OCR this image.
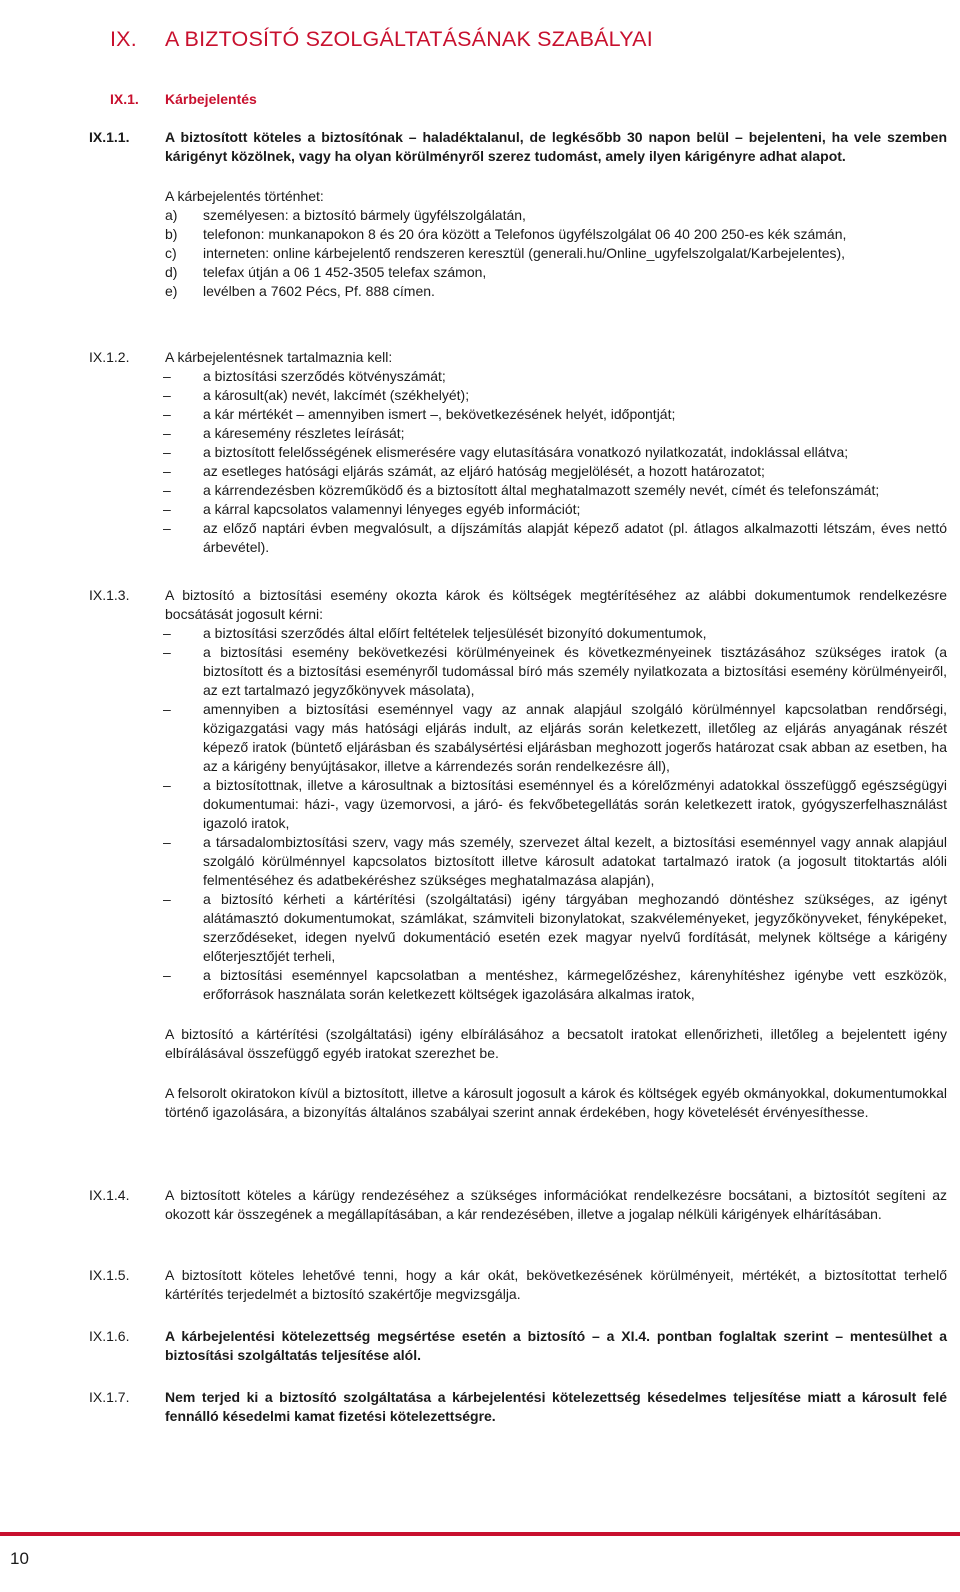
IX. A BIZTOSÍTÓ SZOLGÁLTATÁSÁNAK SZABÁLYAI
IX.1. Kárbejelentés
IX.1.1.	A biztosított köteles a biztosítónak – haladéktalanul, de legkésőbb 30 napon belül – bejelenteni, ha vele szemben kárigényt közölnek, vagy ha olyan körülményről szerez tudomást, amely ilyen kárigényre adhat alapot.

A kárbejelentés történhet:

a) személyesen: a biztosító bármely ügyfélszolgálatán,
b) telefonon: munkanapokon 8 és 20 óra között a Telefonos ügyfélszolgálat 06 40 200 250-es kék számán,
c) interneten: online kárbejelentő rendszeren keresztül (generali.hu/Online_ugyfelszolgalat/Karbejelentes),
d) telefax útján a 06 1 452-3505 telefax számon,
e) levélben a 7602 Pécs, Pf. 888 címen.
IX.1.2.	A kárbejelentésnek tartalmaznia kell:

– a biztosítási szerződés kötvényszámát;
– a károsult(ak) nevét, lakcímét (székhelyét);
– a kár mértékét – amennyiben ismert –, bekövetkezésének helyét, időpontját;
– a káresemény részletes leírását;
– a biztosított felelősségének elismerésére vagy elutasítására vonatkozó nyilatkozatát, indoklással ellátva;
– az esetleges hatósági eljárás számát, az eljáró hatóság megjelölését, a hozott határozatot;
– a kárrendezésben közreműködő és a biztosított által meghatalmazott személy nevét, címét és telefonszámát;
– a kárral kapcsolatos valamennyi lényeges egyéb információt;
– az előző naptári évben megvalósult, a díjszámítás alapját képező adatot (pl. átlagos alkalmazotti létszám, éves nettó árbevétel).
IX.1.3.	A biztosító a biztosítási esemény okozta károk és költségek megtérítéséhez az alábbi dokumentumok rendelkezésre bocsátását jogosult kérni:

– a biztosítási szerződés által előírt feltételek teljesülését bizonyító dokumentumok,
– a biztosítási esemény bekövetkezési körülményeinek és következményeinek tisztázásához szükséges iratok (a biztosított és a biztosítási eseményről tudomással bíró más személy nyilatkozata a biztosítási esemény körülményeiről, az ezt tartalmazó jegyzőkönyvek másolata),
– amennyiben a biztosítási eseménnyel vagy az annak alapjául szolgáló körülménnyel kapcsolatban rendőrségi, közigazgatási vagy más hatósági eljárás indult, az eljárás során keletkezett, illetőleg az eljárás anyagának részét képező iratok (büntető eljárásban és szabálysértési eljárásban meghozott jogerős határozat csak abban az esetben, ha az a kárigény benyújtásakor, illetve a kárrendezés során rendelkezésre áll),
– a biztosítottnak, illetve a károsultnak a biztosítási eseménnyel és a kórelőzményi adatokkal összefüggő egészségügyi dokumentumai: házi-, vagy üzemorvosi, a járó- és fekvőbetegellátás során keletkezett iratok, gyógyszerfelhasználást igazoló iratok,
– a társadalombiztosítási szerv, vagy más személy, szervezet által kezelt, a biztosítási eseménnyel vagy annak alapjául szolgáló körülménnyel kapcsolatos biztosított illetve károsult adatokat tartalmazó iratok (a jogosult titoktartás alóli felmentéséhez és adatbekéréshez szükséges meghatalmazása alapján),
– a biztosító kérheti a kártérítési (szolgáltatási) igény tárgyában meghozandó döntéshez szükséges, az igényt alátámasztó dokumentumokat, számlákat, számviteli bizonylatokat, szakvéleményeket, jegyzőkönyveket, fényképeket, szerződéseket, idegen nyelvű dokumentáció esetén ezek magyar nyelvű fordítását, melynek költsége a kárigény előterjesztőjét terheli,
– a biztosítási eseménnyel kapcsolatban a mentéshez, kármegelőzéshez, kárenyhítéshez igénybe vett eszközök, erőforrások használata során keletkezett költségek igazolására alkalmas iratok,

A biztosító a kártérítési (szolgáltatási) igény elbírálásához a becsatolt iratokat ellenőrizheti, illetőleg a bejelentett igény elbírálásával összefüggő egyéb iratokat szerezhet be.

A felsorolt okiratokon kívül a biztosított, illetve a károsult jogosult a károk és költségek egyéb okmányokkal, dokumentumokkal történő igazolására, a bizonyítás általános szabályai szerint annak érdekében, hogy követelését érvényesíthesse.

IX.1.4.	A biztosított köteles a kárügy rendezéséhez a szükséges információkat rendelkezésre bocsátani, a biztosítót segíteni az okozott kár összegének a megállapításában, a kár rendezésében, illetve a jogalap nélküli kárigények elhárításában.

IX.1.5.	A biztosított köteles lehetővé tenni, hogy a kár okát, bekövetkezésének körülményeit, mértékét, a biztosítottat terhelő kártérítés terjedelmét a biztosító szakértője megvizsgálja.

IX.1.6.	A kárbejelentési kötelezettség megsértése esetén a biztosító – a XI.4. pontban foglaltak szerint – mentesülhet a biztosítási szolgáltatás teljesítése alól.

IX.1.7.	Nem terjed ki a biztosító szolgáltatása a kárbejelentési kötelezettség késedelmes teljesítése miatt a károsult felé fennálló késedelmi kamat fizetési kötelezettségre.

10
